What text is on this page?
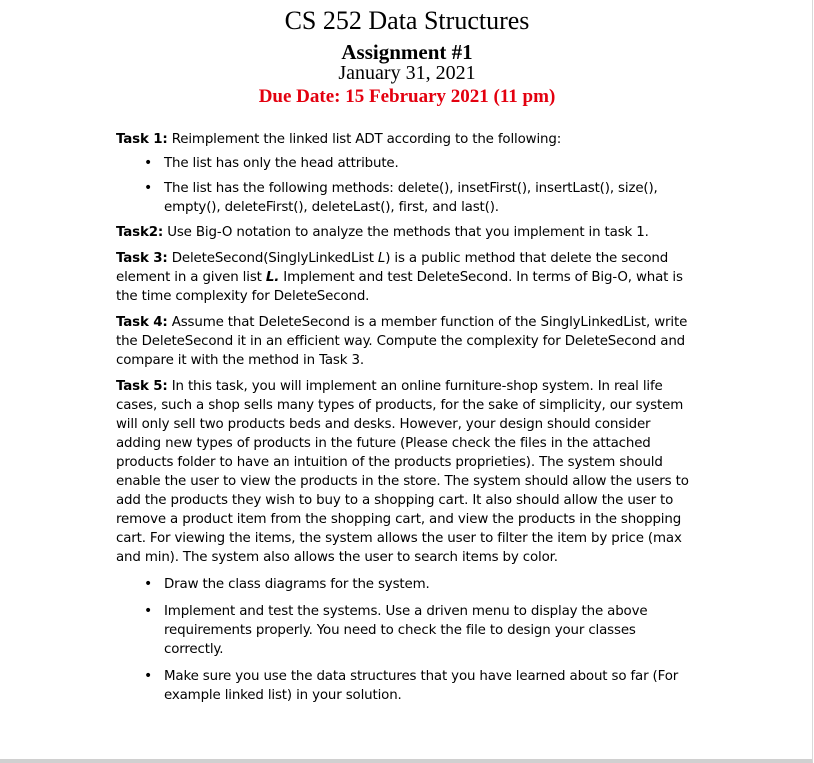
CS 252 Data Structures
Assignment #1
January 31, 2021
Due Date: 15 February 2021 (11 pm)

Task 1: Reimplement the linked list ADT according to the following:

• The list has only the head attribute.
• The list has the following methods: delete(), insetFirst(), insertLast(), size(), empty(), deleteFirst(), deleteLast(), first, and last().

Task2: Use Big-O notation to analyze the methods that you implement in task 1.

Task 3: DeleteSecond(SinglyLinkedList L) is a public method that delete the second element in a given list L. Implement and test DeleteSecond. In terms of Big-O, what is the time complexity for DeleteSecond.

Task 4: Assume that DeleteSecond is a member function of the SinglyLinkedList, write the DeleteSecond it in an efficient way. Compute the complexity for DeleteSecond and compare it with the method in Task 3.

Task 5: In this task, you will implement an online furniture-shop system. In real life cases, such a shop sells many types of products, for the sake of simplicity, our system will only sell two products beds and desks. However, your design should consider adding new types of products in the future (Please check the files in the attached products folder to have an intuition of the products proprieties). The system should enable the user to view the products in the store. The system should allow the users to add the products they wish to buy to a shopping cart. It also should allow the user to remove a product item from the shopping cart, and view the products in the shopping cart. For viewing the items, the system allows the user to filter the item by price (max and min). The system also allows the user to search items by color.

• Draw the class diagrams for the system.
• Implement and test the systems. Use a driven menu to display the above requirements properly. You need to check the file to design your classes correctly.
• Make sure you use the data structures that you have learned about so far (For example linked list) in your solution.
